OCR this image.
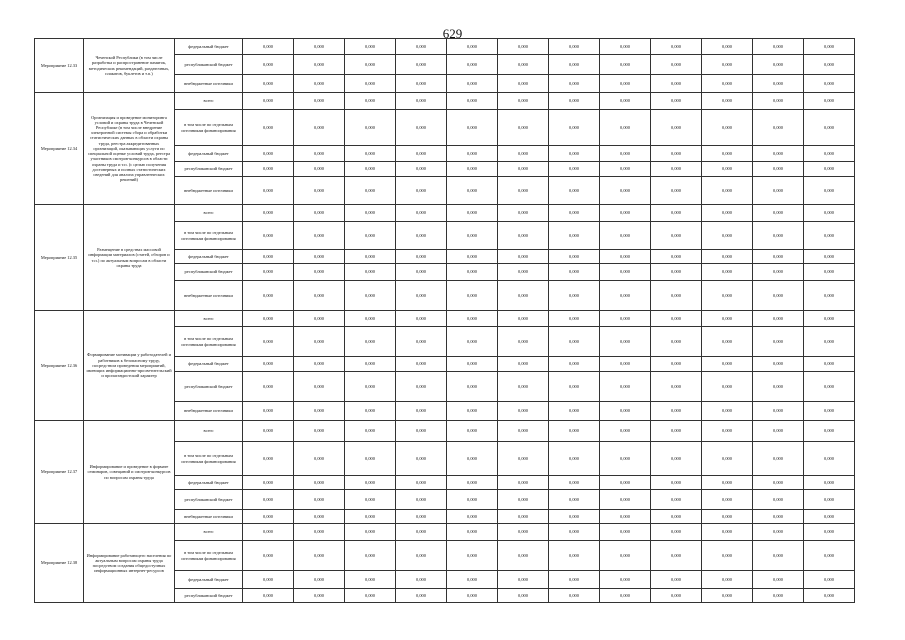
629
Мероприятие 12.33	Чеченской Республики (в том числе разработка и распространение памяток, методических рекомендаций, раздаточных, плакатов, буклетов и т.п.)	федеральный бюджет	0,000	0,000	0,000	0,000	0,000	0,000	0,000	0,000	0,000	0,000	0,000	0,000
		республиканский бюджет	0,000	0,000	0,000	0,000	0,000	0,000	0,000	0,000	0,000	0,000	0,000	0,000
		внебюджетные источники	0,000	0,000	0,000	0,000	0,000	0,000	0,000	0,000	0,000	0,000	0,000	0,000
Мероприятие 12.34	Организация и проведение мониторинга условий и охраны труда в Чеченской Республике (в том числе внедрение электронной системы сбора и обработки статистических данных в области охраны труда, реестра аккредитованных организаций, оказывающих услуги по специальной оценке условий труда, реестра участников смотров-конкурсов в области охраны труда и т.п. (с целью получения достоверных и полных статистических сведений для анализа управленческих решений)	всего	0,000	0,000	0,000	0,000	0,000	0,000	0,000	0,000	0,000	0,000	0,000	0,000
		в том числе по отдельным источникам финансирования	0,000	0,000	0,000	0,000	0,000	0,000	0,000	0,000	0,000	0,000	0,000	0,000
		федеральный бюджет	0,000	0,000	0,000	0,000	0,000	0,000	0,000	0,000	0,000	0,000	0,000	0,000
		республиканский бюджет	0,000	0,000	0,000	0,000	0,000	0,000	0,000	0,000	0,000	0,000	0,000	0,000
		внебюджетные источники	0,000	0,000	0,000	0,000	0,000	0,000	0,000	0,000	0,000	0,000	0,000	0,000
Мероприятие 12.35	Размещение в средствах массовой информации материалов (статей, обзоров и т.п.) по актуальным вопросам в области охраны труда	всего	0,000	0,000	0,000	0,000	0,000	0,000	0,000	0,000	0,000	0,000	0,000	0,000
		в том числе по отдельным источникам финансирования	0,000	0,000	0,000	0,000	0,000	0,000	0,000	0,000	0,000	0,000	0,000	0,000
		федеральный бюджет	0,000	0,000	0,000	0,000	0,000	0,000	0,000	0,000	0,000	0,000	0,000	0,000
		республиканский бюджет	0,000	0,000	0,000	0,000	0,000	0,000	0,000	0,000	0,000	0,000	0,000	0,000
		внебюджетные источники	0,000	0,000	0,000	0,000	0,000	0,000	0,000	0,000	0,000	0,000	0,000	0,000
Мероприятие 12.36	Формирование мотивации у работодателей и работников к безопасному труду, посредством проведения мероприятий, имеющих информационно-просветительский и пропагандистский характер	всего	0,000	0,000	0,000	0,000	0,000	0,000	0,000	0,000	0,000	0,000	0,000	0,000
		в том числе по отдельным источникам финансирования	0,000	0,000	0,000	0,000	0,000	0,000	0,000	0,000	0,000	0,000	0,000	0,000
		федеральный бюджет	0,000	0,000	0,000	0,000	0,000	0,000	0,000	0,000	0,000	0,000	0,000	0,000
		республиканский бюджет	0,000	0,000	0,000	0,000	0,000	0,000	0,000	0,000	0,000	0,000	0,000	0,000
		внебюджетные источники	0,000	0,000	0,000	0,000	0,000	0,000	0,000	0,000	0,000	0,000	0,000	0,000
Мероприятие 12.37	Информирование и проведение в формате семинаров, совещаний и смотров-конкурсов по вопросам охраны труда	всего	0,000	0,000	0,000	0,000	0,000	0,000	0,000	0,000	0,000	0,000	0,000	0,000
		в том числе по отдельным источникам финансирования	0,000	0,000	0,000	0,000	0,000	0,000	0,000	0,000	0,000	0,000	0,000	0,000
		федеральный бюджет	0,000	0,000	0,000	0,000	0,000	0,000	0,000	0,000	0,000	0,000	0,000	0,000
		республиканский бюджет	0,000	0,000	0,000	0,000	0,000	0,000	0,000	0,000	0,000	0,000	0,000	0,000
		внебюджетные источники	0,000	0,000	0,000	0,000	0,000	0,000	0,000	0,000	0,000	0,000	0,000	0,000
Мероприятие 12.38	Информирование работающего населения по актуальным вопросам охраны труда посредством создания общедоступных информационных интернет-ресурсов	всего	0,000	0,000	0,000	0,000	0,000	0,000	0,000	0,000	0,000	0,000	0,000	0,000
		в том числе по отдельным источникам финансирования	0,000	0,000	0,000	0,000	0,000	0,000	0,000	0,000	0,000	0,000	0,000	0,000
		федеральный бюджет	0,000	0,000	0,000	0,000	0,000	0,000	0,000	0,000	0,000	0,000	0,000	0,000
		республиканский бюджет	0,000	0,000	0,000	0,000	0,000	0,000	0,000	0,000	0,000	0,000	0,000	0,000
